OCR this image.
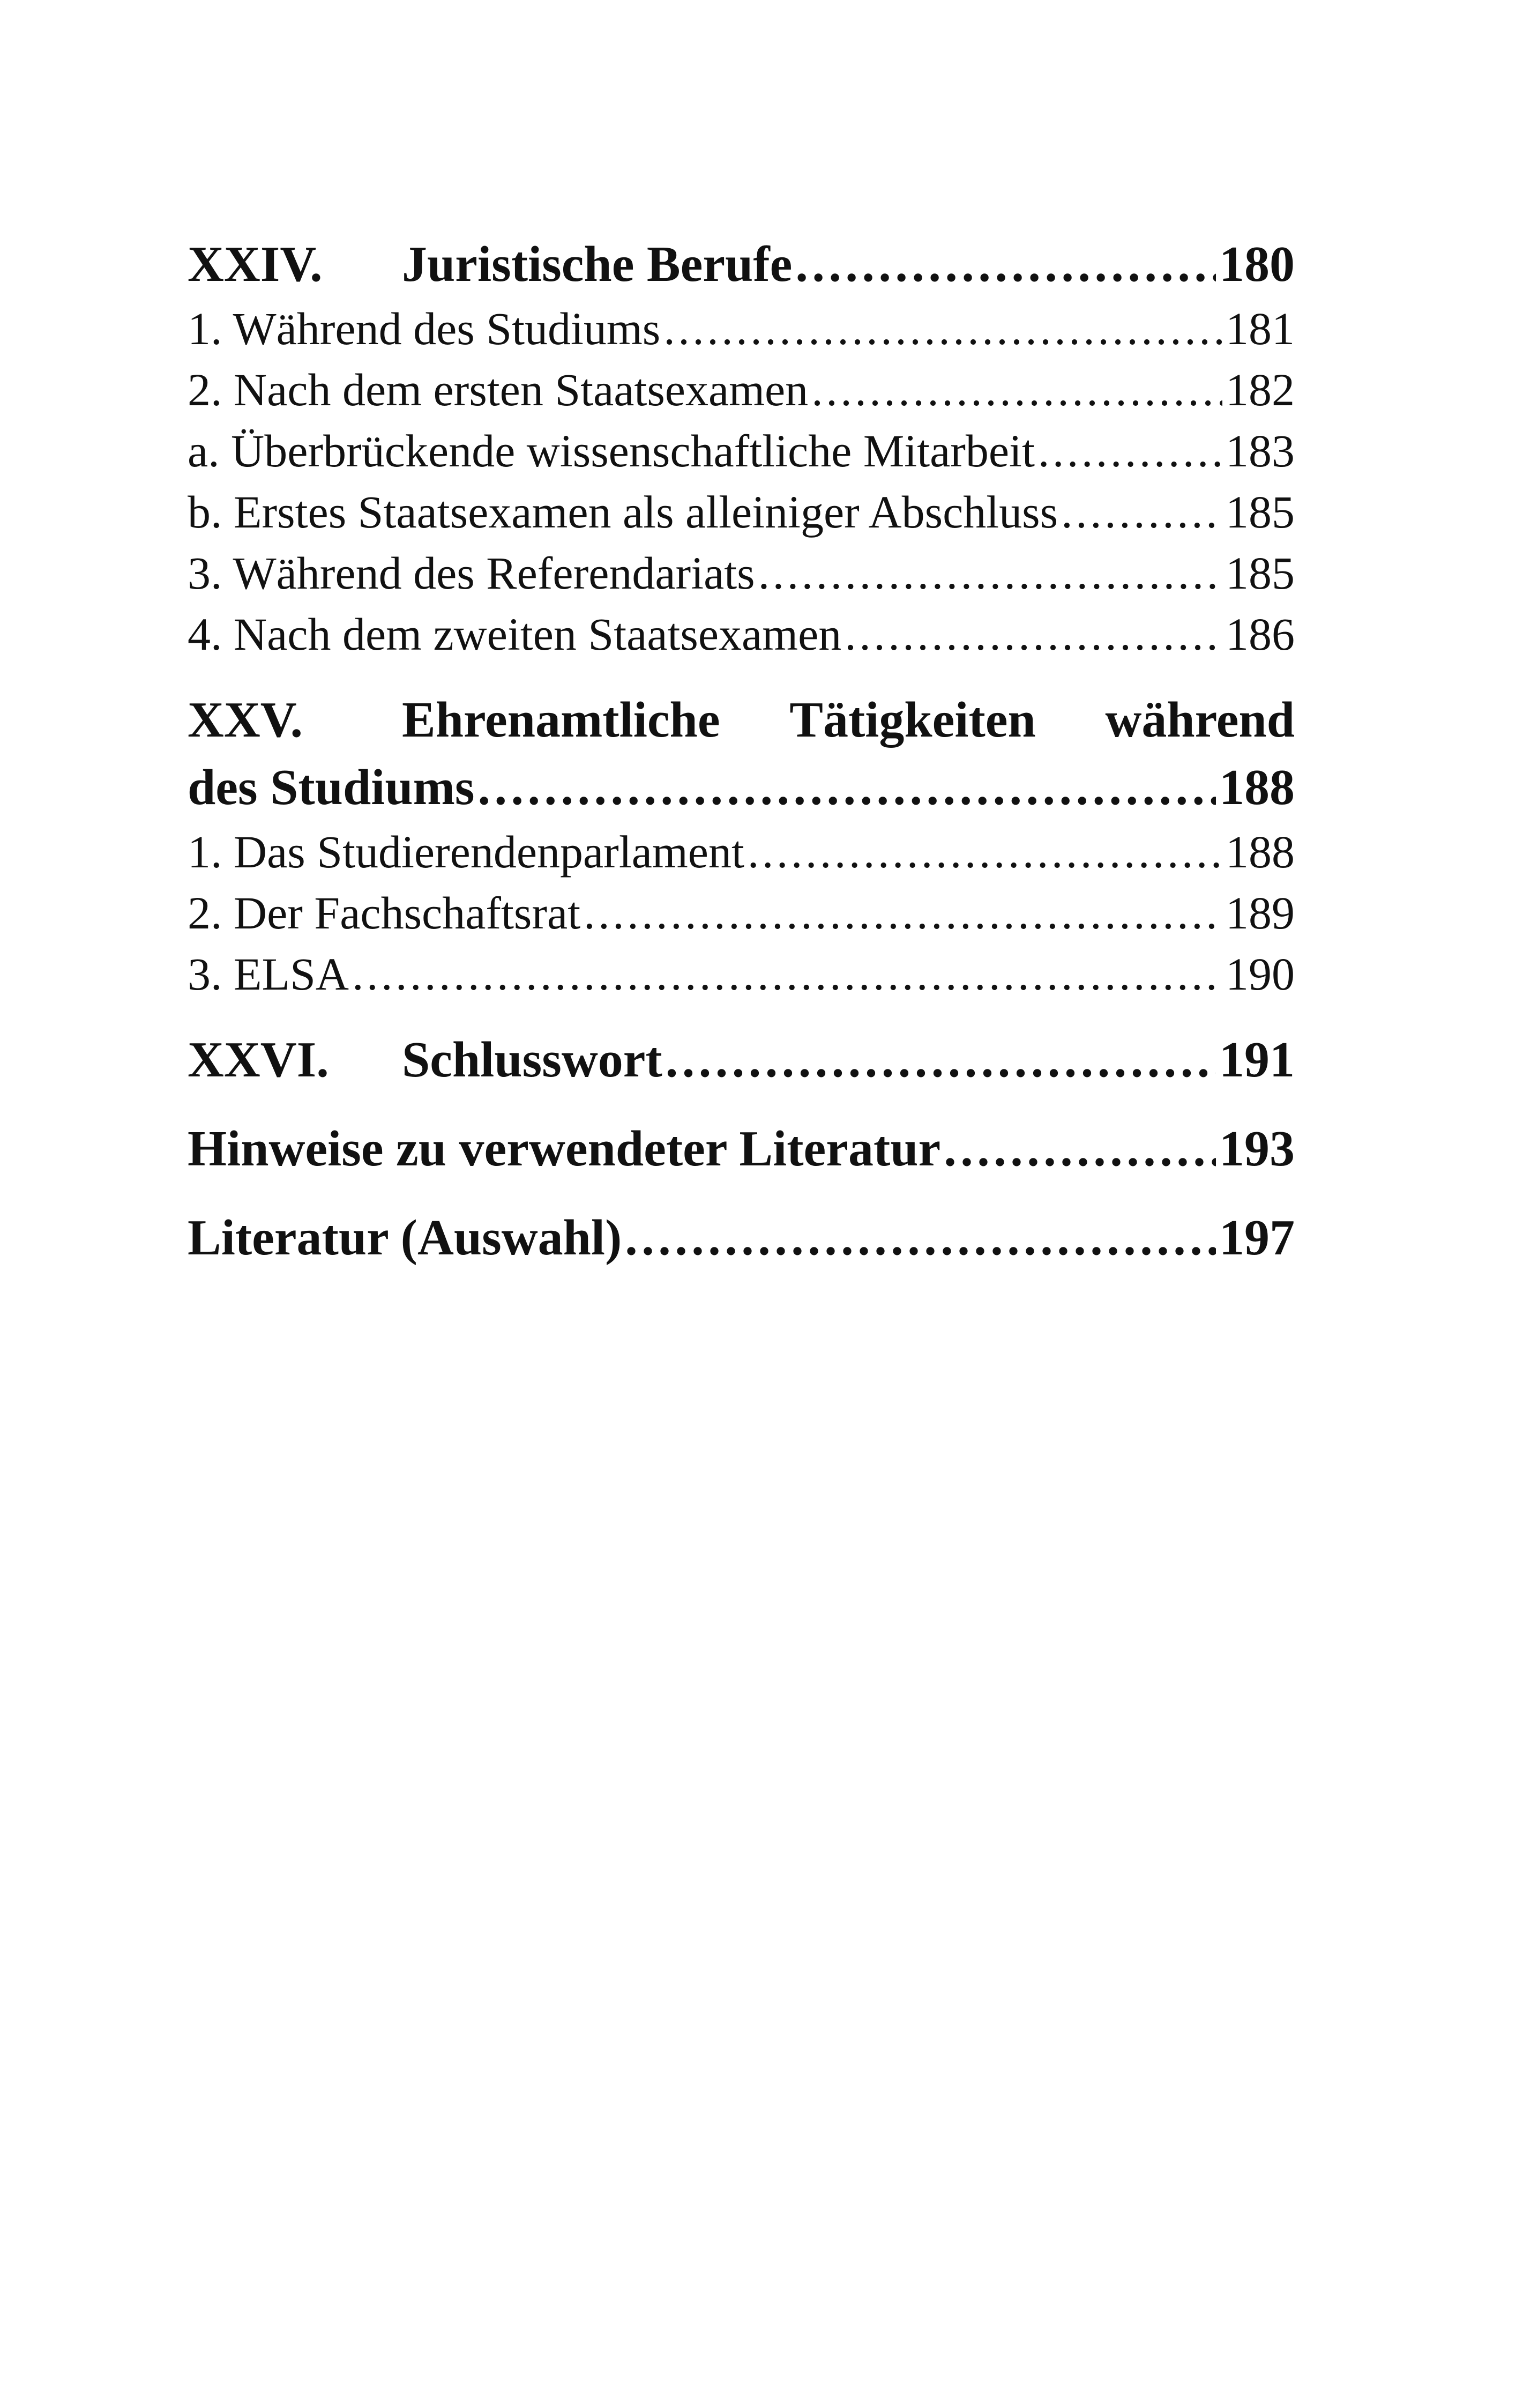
XXIV. Juristische Berufe . . .	180
1. Während des Studiums . . .	181
2. Nach dem ersten Staatsexamen . . .	182
a. Überbrückende wissenschaftliche Mitarbeit . . .	183
b. Erstes Staatsexamen als alleiniger Abschluss . . .	185
3. Während des Referendariats . . .	185
4. Nach dem zweiten Staatsexamen . . .	186
XXV. Ehrenamtliche Tätigkeiten während
des Studiums . . .	188
1. Das Studierendenparlament . . .	188
2. Der Fachschaftsrat . . .	189
3. ELSA . . .	190
XXVI. Schlusswort . . .	191
Hinweise zu verwendeter Literatur . . .	193
Literatur (Auswahl) . . .	197
